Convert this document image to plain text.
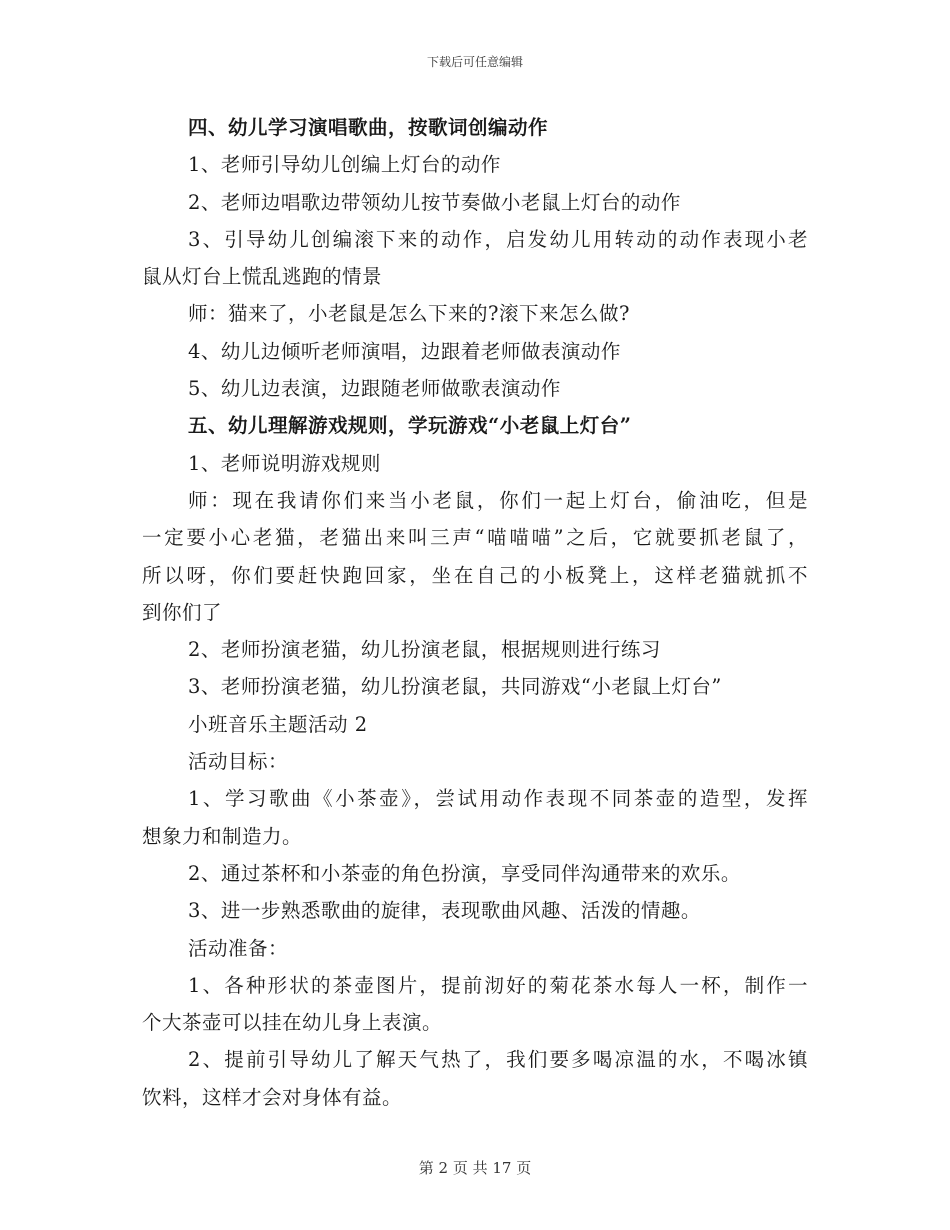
下载后可任意编辑
四、幼儿学习演唱歌曲，按歌词创编动作
1、老师引导幼儿创编上灯台的动作
2、老师边唱歌边带领幼儿按节奏做小老鼠上灯台的动作
3、引导幼儿创编滚下来的动作，启发幼儿用转动的动作表现小老
鼠从灯台上慌乱逃跑的情景
师：猫来了，小老鼠是怎么下来的?滚下来怎么做?
4、幼儿边倾听老师演唱，边跟着老师做表演动作
5、幼儿边表演，边跟随老师做歌表演动作
五、幼儿理解游戏规则，学玩游戏“小老鼠上灯台”
1、老师说明游戏规则
师：现在我请你们来当小老鼠，你们一起上灯台，偷油吃，但是
一定要小心老猫，老猫出来叫三声“喵喵喵”之后，它就要抓老鼠了，
所以呀，你们要赶快跑回家，坐在自己的小板凳上，这样老猫就抓不
到你们了
2、老师扮演老猫，幼儿扮演老鼠，根据规则进行练习
3、老师扮演老猫，幼儿扮演老鼠，共同游戏“小老鼠上灯台”
小班音乐主题活动 2
活动目标：
1、学习歌曲《小茶壶》，尝试用动作表现不同茶壶的造型，发挥
想象力和制造力。
2、通过茶杯和小茶壶的角色扮演，享受同伴沟通带来的欢乐。
3、进一步熟悉歌曲的旋律，表现歌曲风趣、活泼的情趣。
活动准备：
1、各种形状的茶壶图片，提前沏好的菊花茶水每人一杯，制作一
个大茶壶可以挂在幼儿身上表演。
2、提前引导幼儿了解天气热了，我们要多喝凉温的水，不喝冰镇
饮料，这样才会对身体有益。
第 2 页 共 17 页
